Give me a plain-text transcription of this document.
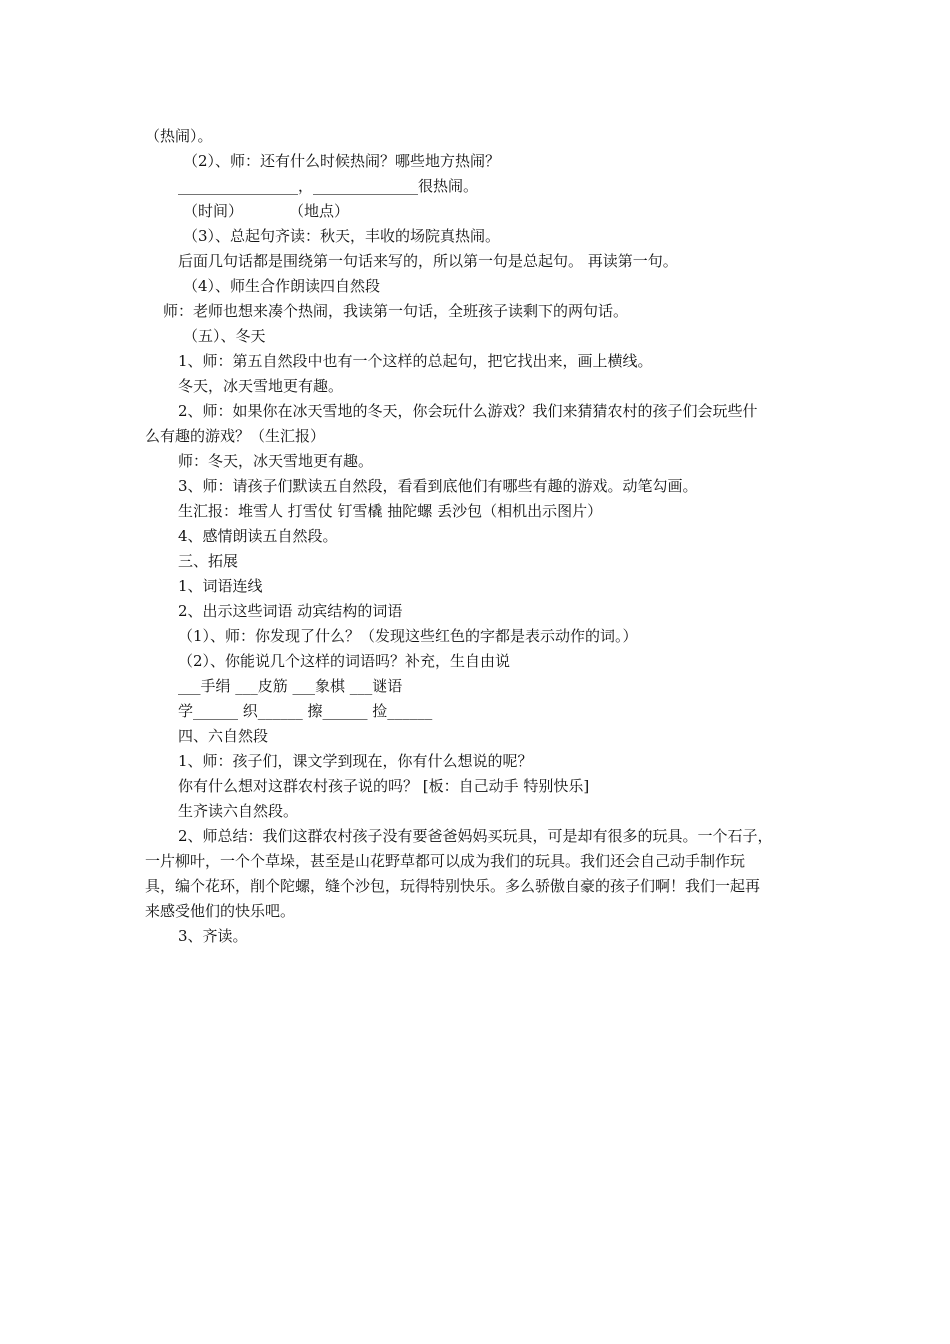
（热闹）。
（2）、师：还有什么时候热闹？哪些地方热闹？
________________，______________很热闹。
（时间）	（地点）
（3）、总起句齐读：秋天，丰收的场院真热闹。
后面几句话都是围绕第一句话来写的，所以第一句是总起句。 再读第一句。
（4）、师生合作朗读四自然段
师：老师也想来凑个热闹，我读第一句话，全班孩子读剩下的两句话。
（五）、冬天
1、师：第五自然段中也有一个这样的总起句，把它找出来，画上横线。
冬天，冰天雪地更有趣。
2、师：如果你在冰天雪地的冬天，你会玩什么游戏？我们来猜猜农村的孩子们会玩些什
么有趣的游戏？（生汇报）
师：冬天，冰天雪地更有趣。
3、师：请孩子们默读五自然段，看看到底他们有哪些有趣的游戏。动笔勾画。
生汇报：堆雪人 打雪仗 钉雪橇 抽陀螺 丢沙包（相机出示图片）
4、感情朗读五自然段。
三、拓展
1、词语连线
2、出示这些词语 动宾结构的词语
（1）、师：你发现了什么？（发现这些红色的字都是表示动作的词。）
（2）、你能说几个这样的词语吗？补充，生自由说
___手绢 ___皮筋 ___象棋 ___谜语
学______ 织______ 擦______ 捡______
四、六自然段
1、师：孩子们，课文学到现在，你有什么想说的呢？
你有什么想对这群农村孩子说的吗？ [板：自己动手 特别快乐]
生齐读六自然段。
2、师总结：我们这群农村孩子没有要爸爸妈妈买玩具，可是却有很多的玩具。一个石子，
一片柳叶，一个个草垛，甚至是山花野草都可以成为我们的玩具。我们还会自己动手制作玩
具，编个花环，削个陀螺，缝个沙包，玩得特别快乐。多么骄傲自豪的孩子们啊！我们一起再
来感受他们的快乐吧。
3、齐读。
